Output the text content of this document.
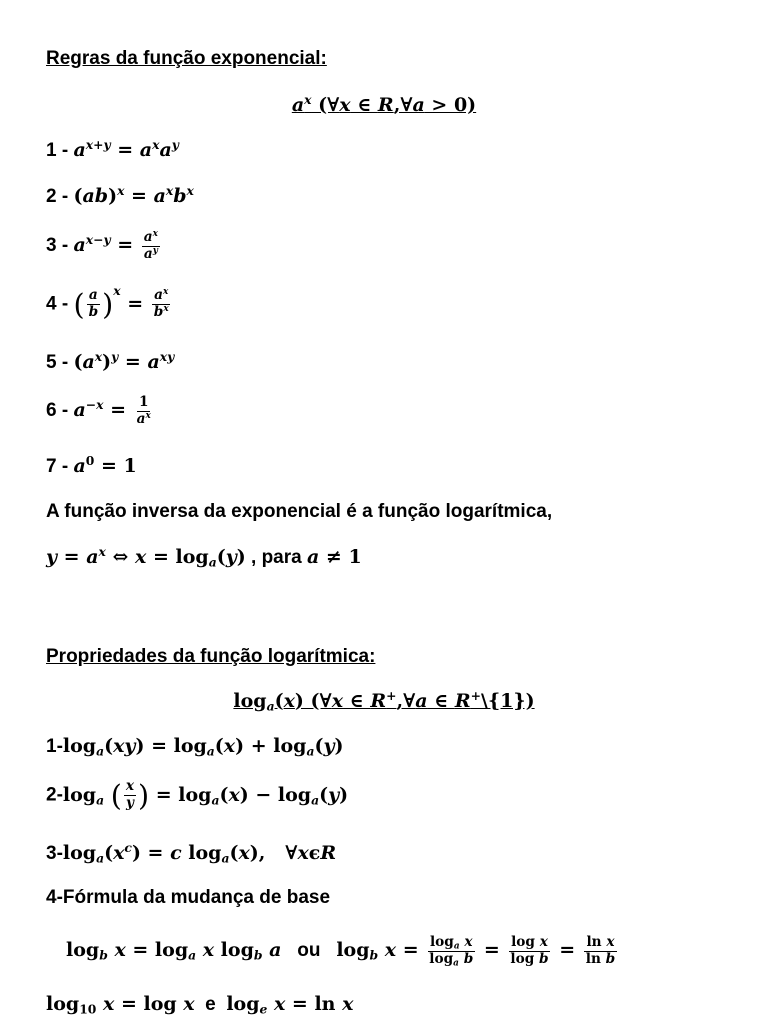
Regras da função exponencial:
$a^x$ (∀x ∈ R,∀a > 0)
$1 - a^{x+y} = a^xa^y$
$2 - (ab)^x = a^xb^x$
$3 - a^{x-y} = \frac{a^x}{a^y}$
4 - ( $\frac{a}{b} )^x = \frac{a^x}{b^x}$
$5 - (a^x)^y = a^{xy}$
$6 - a^{-x} = \frac{1}{a^x}$
$7 - a^0 = 1$
A função inversa da exponencial é a função logarítmica,
$y = a^x$ ⇔ $x = \log_a(y)$ , para a ≠ 1
Propriedades da função logarítmica:
$\log_a(x)$ (∀x ∈ R+,∀a ∈ R+\{1})
$1-\log_a(xy) = \log_a(x) + \log_a(y)$
$2-\log_a$ ( $\frac{x}{y}$ ) = $\log_a(x) - \log_a(y)$
$3-\log_a(x^c) = c$ $\log_a(x)$,   ∀xϵR
4-Fórmula da mudança de base
$\log_b x = \log_a x$ $\log_b a$ ou $\log_b x = \frac{\log_a x}{\log_a b} = \frac{\text{log x}}{\text{log b}} = \frac{\text{ln x}}{\text{ln b}}$
$\log_{10} x = \log x$ e $\log_e x = \ln x$
